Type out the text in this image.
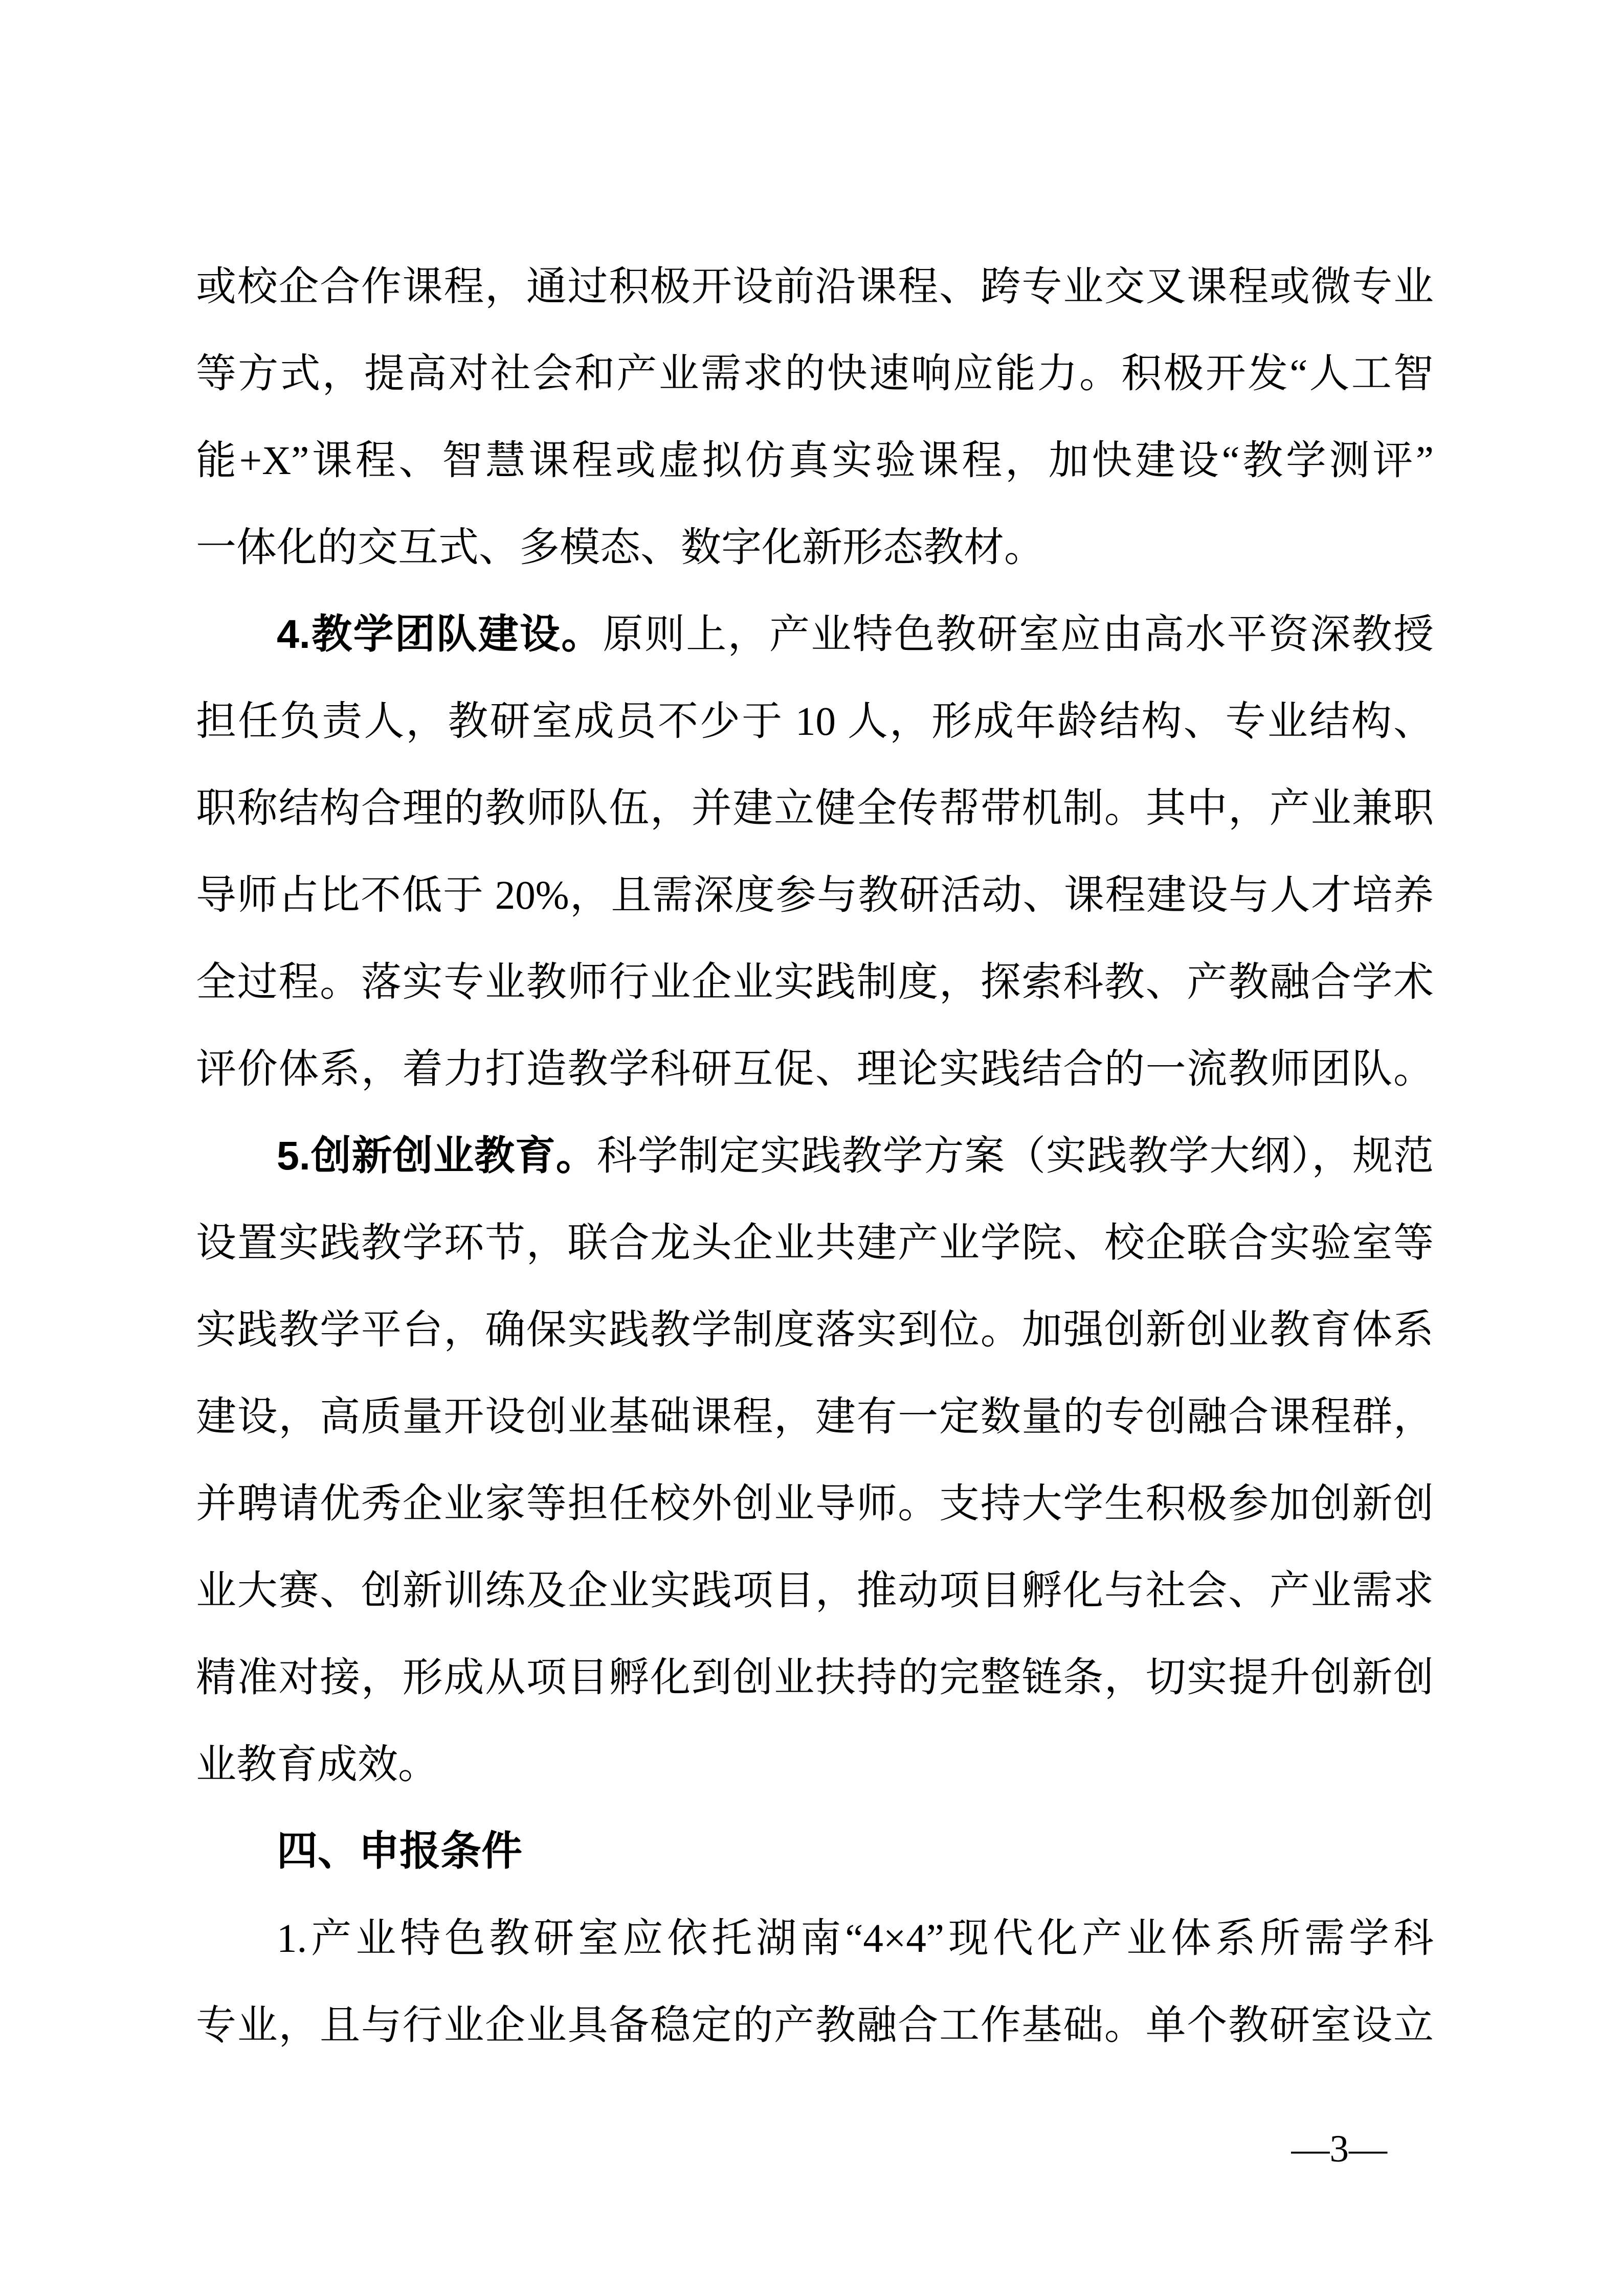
或校企合作课程，通过积极开设前沿课程、跨专业交叉课程或微专业
等方式，提高对社会和产业需求的快速响应能力。积极开发“人工智
能+X”课程、智慧课程或虚拟仿真实验课程，加快建设“教学测评”
一体化的交互式、多模态、数字化新形态教材。
4.教学团队建设。原则上，产业特色教研室应由高水平资深教授
担任负责人，教研室成员不少于 10 人，形成年龄结构、专业结构、
职称结构合理的教师队伍，并建立健全传帮带机制。其中，产业兼职
导师占比不低于 20%，且需深度参与教研活动、课程建设与人才培养
全过程。落实专业教师行业企业实践制度，探索科教、产教融合学术
评价体系，着力打造教学科研互促、理论实践结合的一流教师团队。
5.创新创业教育。科学制定实践教学方案（实践教学大纲），规范
设置实践教学环节，联合龙头企业共建产业学院、校企联合实验室等
实践教学平台，确保实践教学制度落实到位。加强创新创业教育体系
建设，高质量开设创业基础课程，建有一定数量的专创融合课程群，
并聘请优秀企业家等担任校外创业导师。支持大学生积极参加创新创
业大赛、创新训练及企业实践项目，推动项目孵化与社会、产业需求
精准对接，形成从项目孵化到创业扶持的完整链条，切实提升创新创
业教育成效。
四、申报条件
1.产业特色教研室应依托湖南“4×4”现代化产业体系所需学科
专业，且与行业企业具备稳定的产教融合工作基础。单个教研室设立
—3—
